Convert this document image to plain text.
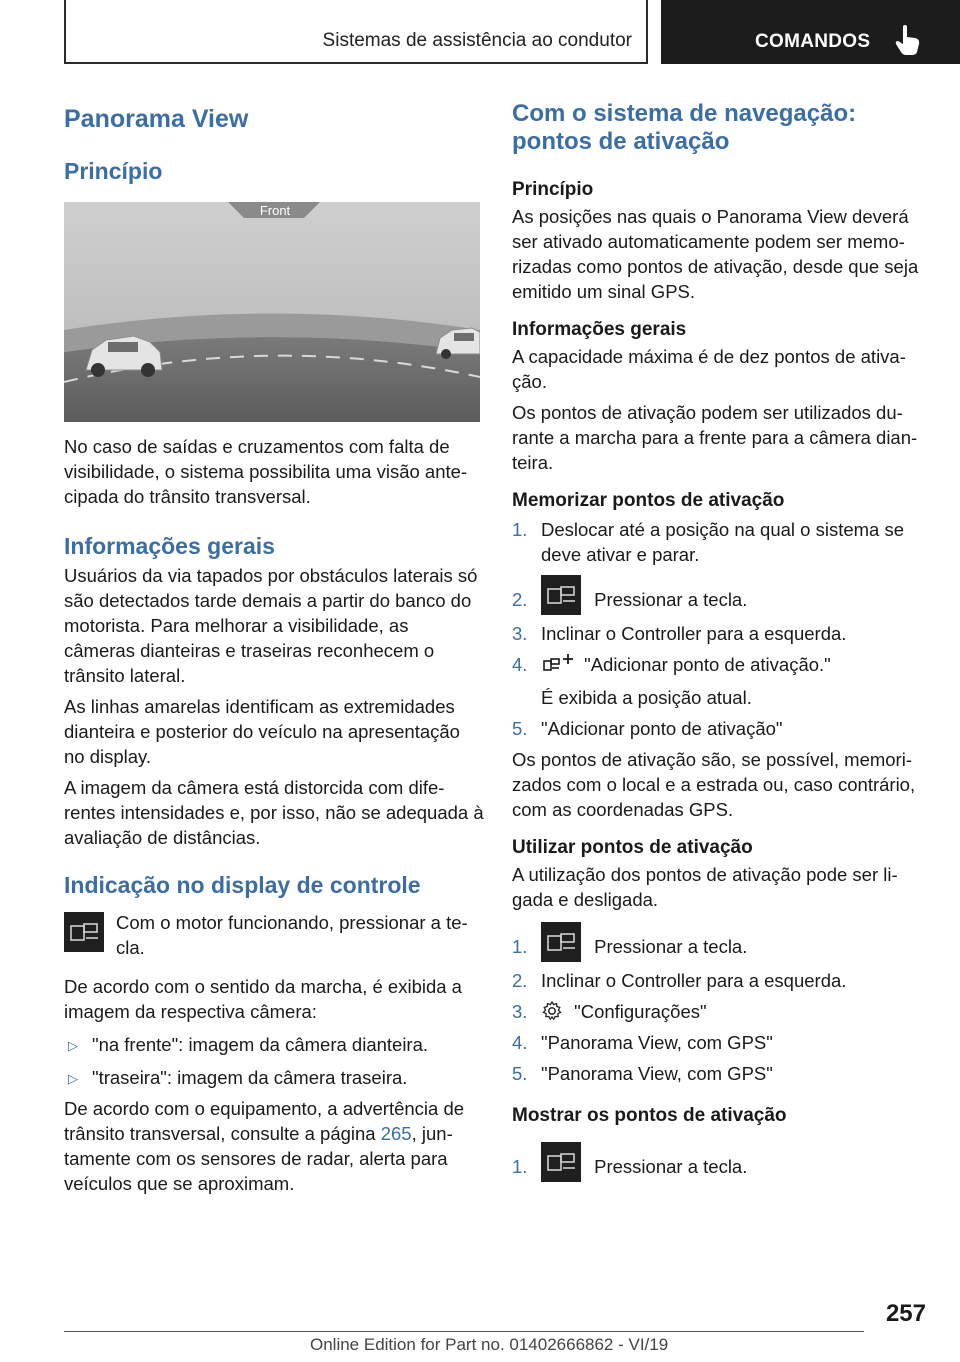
Sistemas de assistência ao condutor	COMANDOS
Panorama View
Princípio
Front

No caso de saídas e cruzamentos com falta de visibilidade, o sistema possibilita uma visão antecipada do trânsito transversal.

Informações gerais

Usuários da via tapados por obstáculos laterais só são detectados tarde demais a partir do banco do motorista. Para melhorar a visibilidade, as câmeras dianteiras e traseiras reconhecem o trânsito lateral.

As linhas amarelas identificam as extremidades dianteira e posterior do veículo na apresentação no display.

A imagem da câmera está distorcida com diferentes intensidades e, por isso, não se adequada à avaliação de distâncias.

Indicação no display de controle

Com o motor funcionando, pressionar a tecla.

De acordo com o sentido da marcha, é exibida a imagem da respectiva câmera:

▷ "na frente": imagem da câmera dianteira.
▷ "traseira": imagem da câmera traseira.

De acordo com o equipamento, a advertência de trânsito transversal, consulte a página 265, juntamente com os sensores de radar, alerta para veículos que se aproximam.

Com o sistema de navegação: pontos de ativação
Princípio

As posições nas quais o Panorama View deverá ser ativado automaticamente podem ser memorizadas como pontos de ativação, desde que seja emitido um sinal GPS.

Informações gerais

A capacidade máxima é de dez pontos de ativação.

Os pontos de ativação podem ser utilizados durante a marcha para a frente para a câmera dianteira.

Memorizar pontos de ativação
1. Deslocar até a posição na qual o sistema se deve ativar e parar.
2.	Pressionar a tecla.
3. Inclinar o Controller para a esquerda.
4.	"Adicionar ponto de ativação."
É exibida a posição atual.
5. "Adicionar ponto de ativação"

Os pontos de ativação são, se possível, memorizados com o local e a estrada ou, caso contrário, com as coordenadas GPS.

Utilizar pontos de ativação

A utilização dos pontos de ativação pode ser ligada e desligada.

1.	Pressionar a tecla.
2. Inclinar o Controller para a esquerda.
3.	"Configurações"
4. "Panorama View, com GPS"
5. "Panorama View, com GPS"
Mostrar os pontos de ativação
1.	Pressionar a tecla.
257
Online Edition for Part no. 01402666862 - VI/19
